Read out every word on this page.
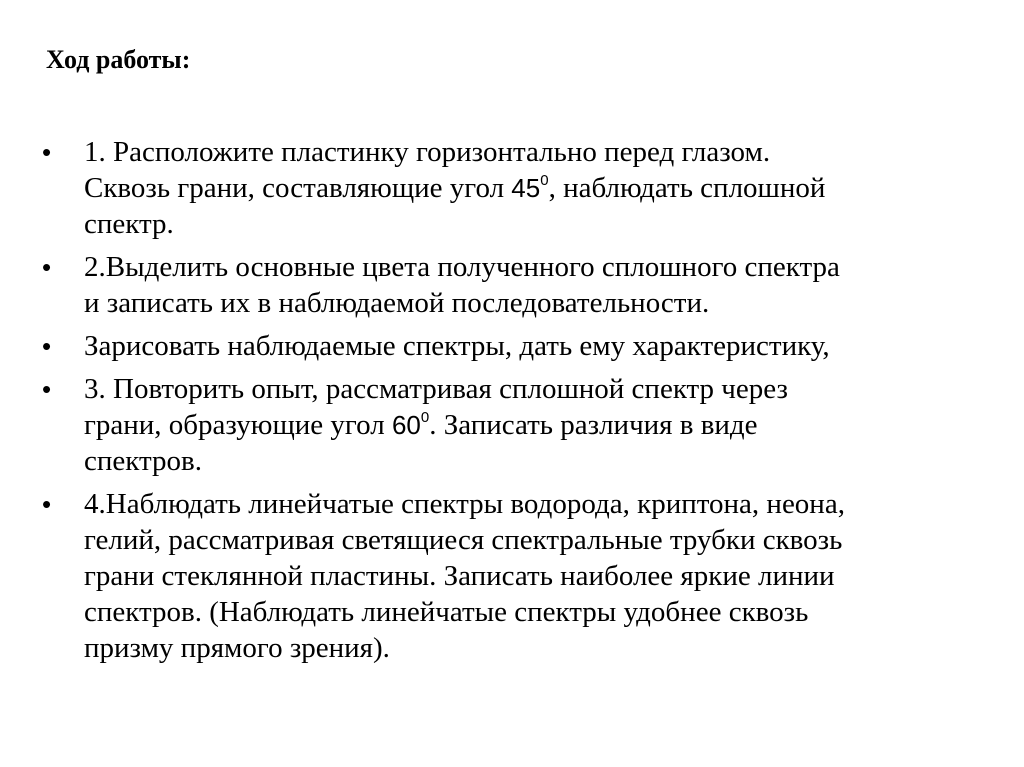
Ход работы:
• 1. Расположите пластинку горизонтально перед глазом.
Сквозь грани, составляющие угол $45^0$, наблюдать сплошной
спектр.
• 2.Выделить основные цвета полученного сплошного спектра
и записать их в наблюдаемой последовательности.
• Зарисовать наблюдаемые спектры, дать ему характеристику,
• 3. Повторить опыт, рассматривая сплошной спектр через
грани, образующие угол $60^0$. Записать различия в виде
спектров.
• 4.Наблюдать линейчатые спектры водорода, криптона, неона,
гелий, рассматривая светящиеся спектральные трубки сквозь
грани стеклянной пластины. Записать наиболее яркие линии
спектров. (Наблюдать линейчатые спектры удобнее сквозь
призму прямого зрения).
